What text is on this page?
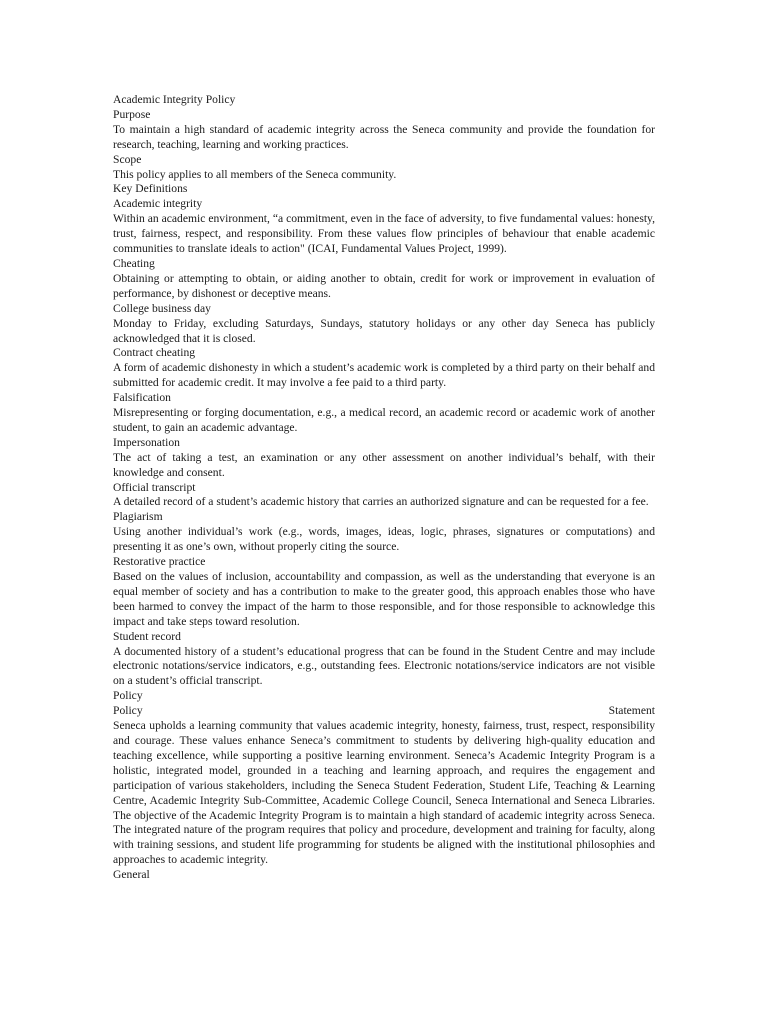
Academic Integrity Policy
Purpose
To maintain a high standard of academic integrity across the Seneca community and provide the foundation for research, teaching, learning and working practices.
Scope
This policy applies to all members of the Seneca community.
Key Definitions
Academic integrity
Within an academic environment, “a commitment, even in the face of adversity, to five fundamental values: honesty, trust, fairness, respect, and responsibility. From these values flow principles of behaviour that enable academic communities to translate ideals to action" (ICAI, Fundamental Values Project, 1999).
Cheating
Obtaining or attempting to obtain, or aiding another to obtain, credit for work or improvement in evaluation of performance, by dishonest or deceptive means.
College business day
Monday to Friday, excluding Saturdays, Sundays, statutory holidays or any other day Seneca has publicly acknowledged that it is closed.
Contract cheating
A form of academic dishonesty in which a student’s academic work is completed by a third party on their behalf and submitted for academic credit. It may involve a fee paid to a third party.
Falsification
Misrepresenting or forging documentation, e.g., a medical record, an academic record or academic work of another student, to gain an academic advantage.
Impersonation
The act of taking a test, an examination or any other assessment on another individual’s behalf, with their knowledge and consent.
Official transcript
A detailed record of a student’s academic history that carries an authorized signature and can be requested for a fee.
Plagiarism
Using another individual’s work (e.g., words, images, ideas, logic, phrases, signatures or computations) and presenting it as one’s own, without properly citing the source.
Restorative practice
Based on the values of inclusion, accountability and compassion, as well as the understanding that everyone is an equal member of society and has a contribution to make to the greater good, this approach enables those who have been harmed to convey the impact of the harm to those responsible, and for those responsible to acknowledge this impact and take steps toward resolution.
Student record
A documented history of a student’s educational progress that can be found in the Student Centre and may include electronic notations/service indicators, e.g., outstanding fees. Electronic notations/service indicators are not visible on a student’s official transcript.
Policy
Policy	Statement
Seneca upholds a learning community that values academic integrity, honesty, fairness, trust, respect, responsibility and courage. These values enhance Seneca’s commitment to students by delivering high-quality education and teaching excellence, while supporting a positive learning environment. Seneca’s Academic Integrity Program is a holistic, integrated model, grounded in a teaching and learning approach, and requires the engagement and participation of various stakeholders, including the Seneca Student Federation, Student Life, Teaching & Learning Centre, Academic Integrity Sub-Committee, Academic College Council, Seneca International and Seneca Libraries. The objective of the Academic Integrity Program is to maintain a high standard of academic integrity across Seneca. The integrated nature of the program requires that policy and procedure, development and training for faculty, along with training sessions, and student life programming for students be aligned with the institutional philosophies and approaches to academic integrity.
General
